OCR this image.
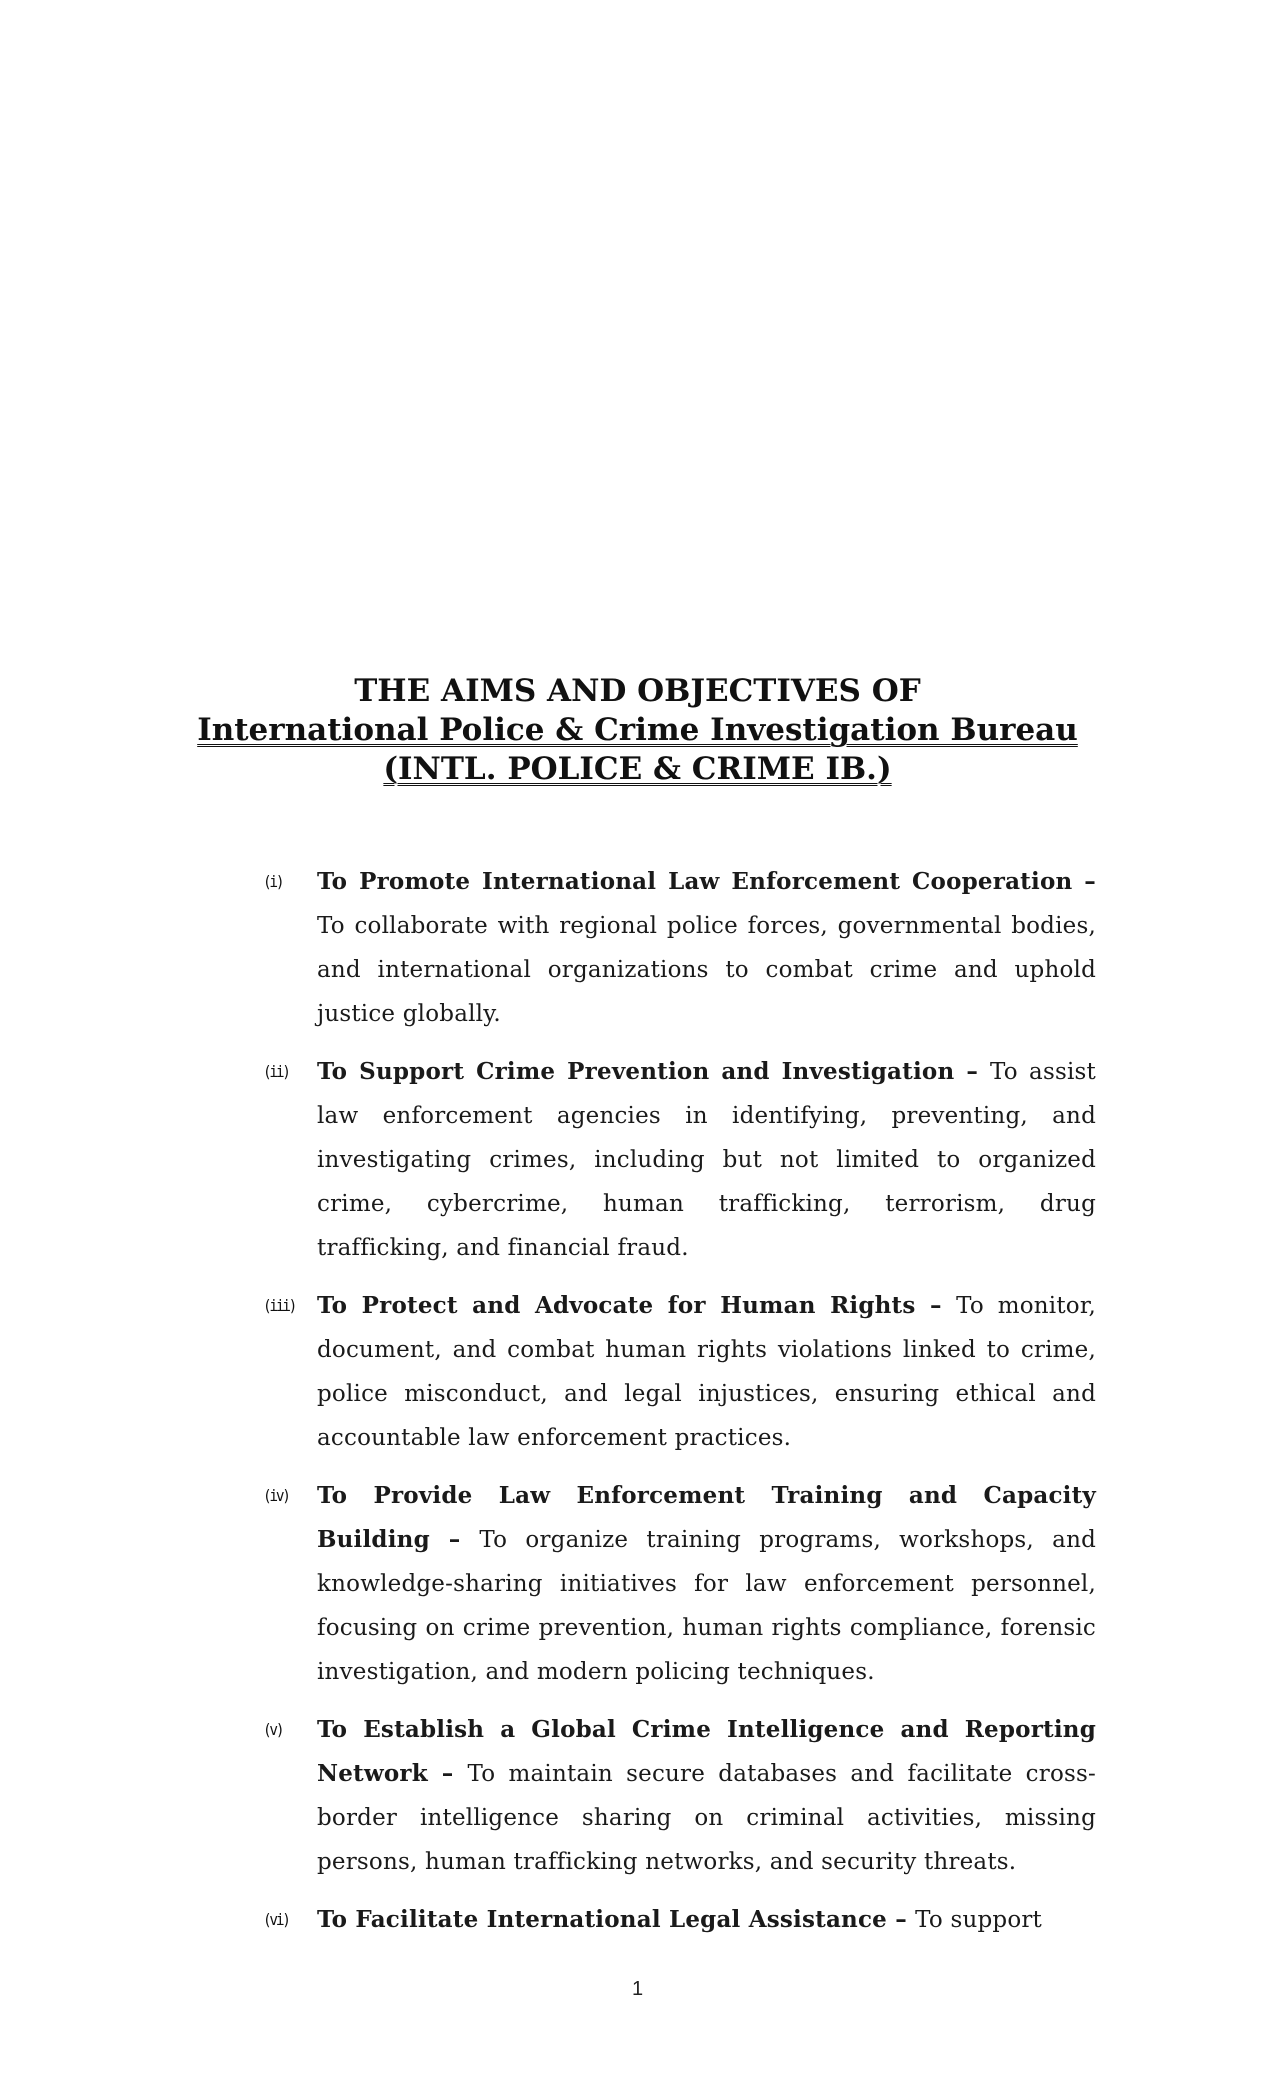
THE AIMS AND OBJECTIVES OF
International Police & Crime Investigation Bureau
(INTL. POLICE & CRIME IB.)
(i) To Promote International Law Enforcement Cooperation – To collaborate with regional police forces, governmental bodies, and international organizations to combat crime and uphold justice globally.
(ii) To Support Crime Prevention and Investigation – To assist law enforcement agencies in identifying, preventing, and investigating crimes, including but not limited to organized crime, cybercrime, human trafficking, terrorism, drug trafficking, and financial fraud.
(iii) To Protect and Advocate for Human Rights – To monitor, document, and combat human rights violations linked to crime, police misconduct, and legal injustices, ensuring ethical and accountable law enforcement practices.
(iv) To Provide Law Enforcement Training and Capacity Building – To organize training programs, workshops, and knowledge-sharing initiatives for law enforcement personnel, focusing on crime prevention, human rights compliance, forensic investigation, and modern policing techniques.
(v) To Establish a Global Crime Intelligence and Reporting Network – To maintain secure databases and facilitate cross-border intelligence sharing on criminal activities, missing persons, human trafficking networks, and security threats.
(vi) To Facilitate International Legal Assistance – To support
1
